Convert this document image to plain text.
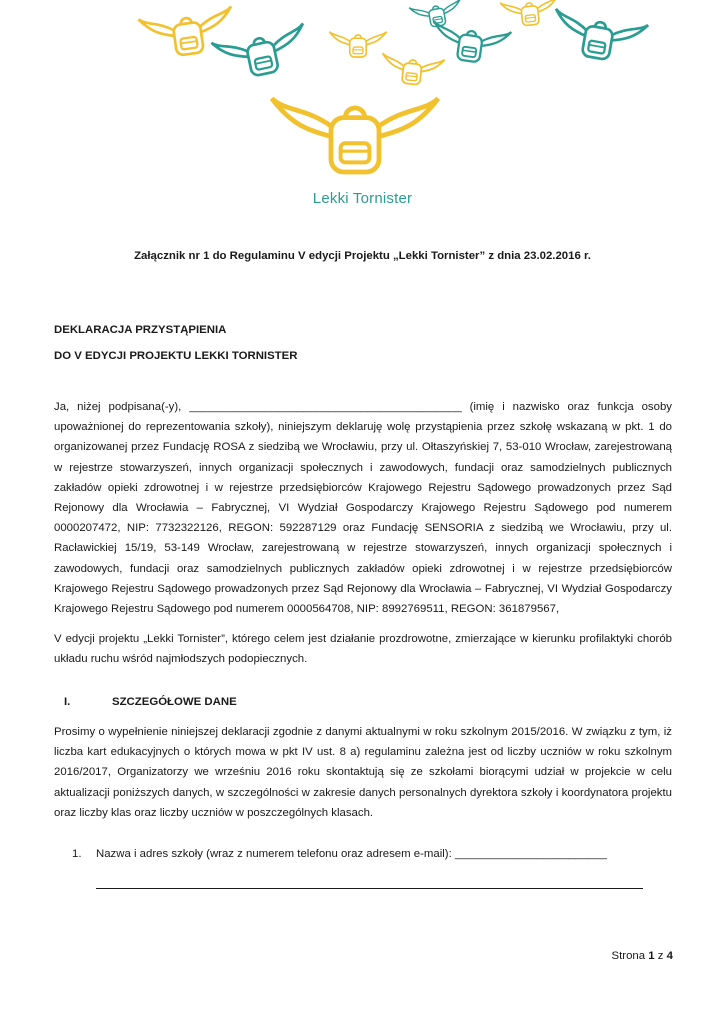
Lekki Tornister
Załącznik nr 1 do Regulaminu V edycji Projektu „Lekki Tornister” z dnia 23.02.2016 r.
DEKLARACJA PRZYSTĄPIENIA
DO V EDYCJI PROJEKTU LEKKI TORNISTER
Ja, niżej podpisana(-y), ___________________________________________ (imię i nazwisko oraz funkcja osoby upoważnionej do reprezentowania szkoły), niniejszym deklaruję wolę przystąpienia przez szkołę wskazaną w pkt. 1 do organizowanej przez Fundację ROSA z siedzibą we Wrocławiu, przy ul. Ołtaszyńskiej 7, 53-010 Wrocław, zarejestrowaną w rejestrze stowarzyszeń, innych organizacji społecznych i zawodowych, fundacji oraz samodzielnych publicznych zakładów opieki zdrowotnej i w rejestrze przedsiębiorców Krajowego Rejestru Sądowego prowadzonych przez Sąd Rejonowy dla Wrocławia – Fabrycznej, VI Wydział Gospodarczy Krajowego Rejestru Sądowego pod numerem 0000207472, NIP: 7732322126, REGON: 592287129 oraz Fundację SENSORIA z siedzibą we Wrocławiu, przy ul. Racławickiej 15/19, 53-149 Wrocław, zarejestrowaną w rejestrze stowarzyszeń, innych organizacji społecznych i zawodowych, fundacji oraz samodzielnych publicznych zakładów opieki zdrowotnej i w rejestrze przedsiębiorców Krajowego Rejestru Sądowego prowadzonych przez Sąd Rejonowy dla Wrocławia – Fabrycznej, VI Wydział Gospodarczy Krajowego Rejestru Sądowego pod numerem 0000564708, NIP: 8992769511, REGON: 361879567,
V edycji projektu „Lekki Tornister”, którego celem jest działanie prozdrowotne, zmierzające w kierunku profilaktyki chorób układu ruchu wśród najmłodszych podopiecznych.
I.	SZCZEGÓŁOWE DANE
Prosimy o wypełnienie niniejszej deklaracji zgodnie z danymi aktualnymi w roku szkolnym 2015/2016. W związku z tym, iż liczba kart edukacyjnych o których mowa w pkt IV ust. 8 a) regulaminu zależna jest od liczby uczniów w roku szkolnym 2016/2017, Organizatorzy we wrześniu 2016 roku skontaktują się ze szkołami biorącymi udział w projekcie w celu aktualizacji poniższych danych, w szczególności w zakresie danych personalnych dyrektora szkoły i koordynatora projektu oraz liczby klas oraz liczby uczniów w poszczególnych klasach.
1. Nazwa i adres szkoły (wraz z numerem telefonu oraz adresem e-mail): ________________________
Strona 1 z 4
